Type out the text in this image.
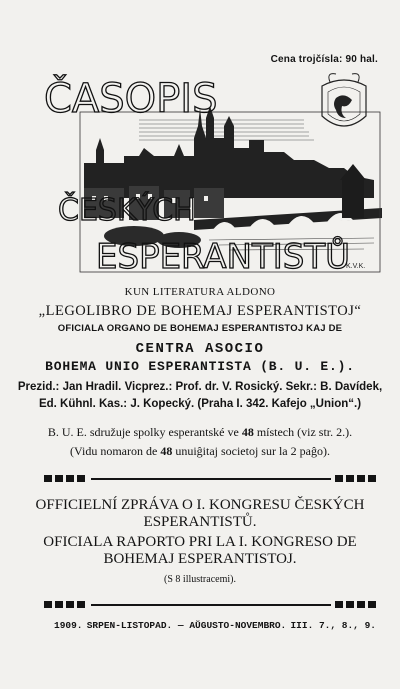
Cena trojčísla: 90 hal.
ČASOPIS
ČESKÝCH
ESPERANTISTŮ
K.V.K.
KUN LITERATURA ALDONO
„LEGOLIBRO DE BOHEMAJ ESPERANTISTOJ“
OFICIALA ORGANO DE BOHEMAJ ESPERANTISTOJ KAJ DE
CENTRA ASOCIO
BOHEMA UNIO ESPERANTISTA (B. U. E.).
Prezid.: Jan Hradil. Vicprez.: Prof. dr. V. Rosický. Sekr.: B. Davídek,
Ed. Kühnl. Kas.: J. Kopecký. (Praha I. 342. Kafejo „Union“.)
B. U. E. sdružuje spolky esperantské ve 48 místech (viz str. 2.).
(Vidu nomaron de 48 unuiĝitaj societoj sur la 2 paĝo).
OFFICIELNÍ ZPRÁVA O I. KONGRESU ČESKÝCH
ESPERANTISTŮ.
OFICIALA RAPORTO PRI LA I. KONGRESO DE
BOHEMAJ ESPERANTISTOJ.
(S 8 illustracemi).
1909. SRPEN-LISTOPAD. — AŬGUSTO-NOVEMBRO. III. 7., 8., 9.
